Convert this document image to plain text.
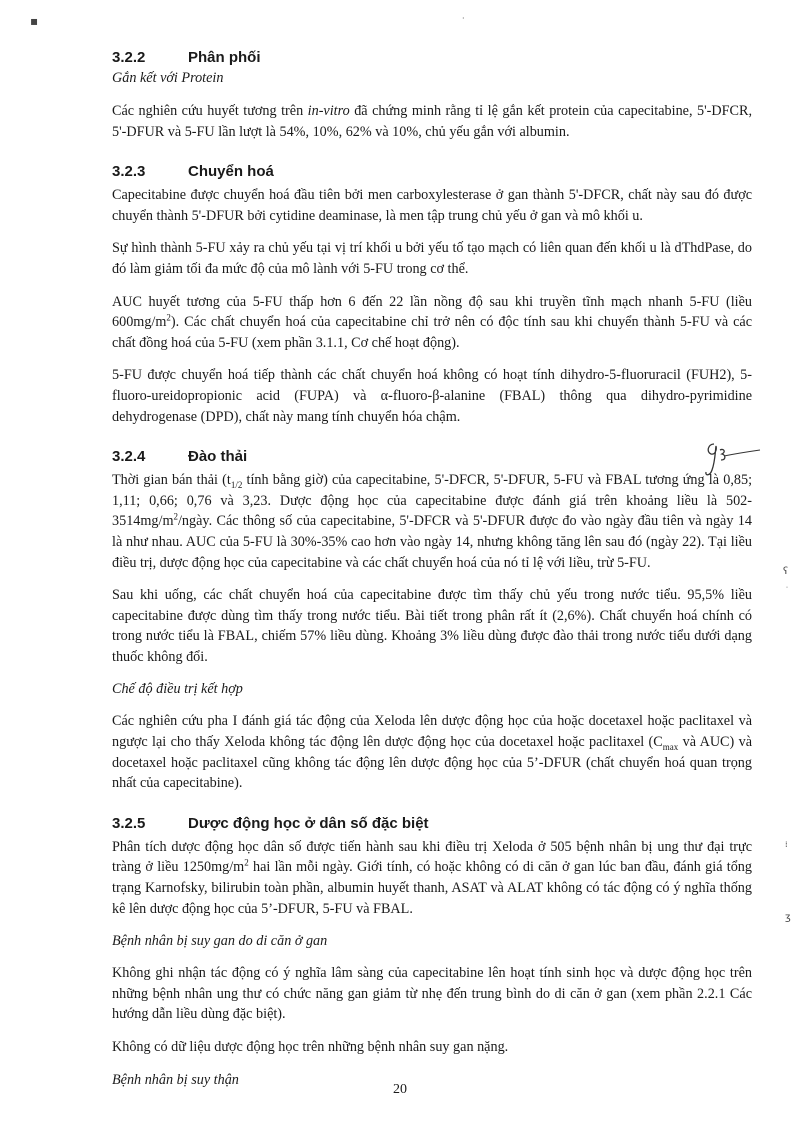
▪	·
ʕ
˙
⁞
ʒ
3.2.2	Phân phối
Gắn kết với Protein
Các nghiên cứu huyết tương trên in-vitro đã chứng minh rằng tỉ lệ gắn kết protein của capecitabine, 5'-DFCR, 5'-DFUR và 5-FU lần lượt là 54%, 10%, 62% và 10%, chủ yếu gắn với albumin.
3.2.3	Chuyển hoá
Capecitabine được chuyển hoá đầu tiên bởi men carboxylesterase ở gan thành 5'-DFCR, chất này sau đó được chuyển thành 5'-DFUR bởi cytidine deaminase, là men tập trung chủ yếu ở gan và mô khối u.
Sự hình thành 5-FU xảy ra chủ yếu tại vị trí khối u bởi yếu tố tạo mạch có liên quan đến khối u là dThdPase, do đó làm giảm tối đa mức độ của mô lành với 5-FU trong cơ thể.
AUC huyết tương của 5-FU thấp hơn 6 đến 22 lần nồng độ sau khi truyền tĩnh mạch nhanh 5-FU (liều $600mg/m^2$). Các chất chuyển hoá của capecitabine chỉ trở nên có độc tính sau khi chuyển thành 5-FU và các chất đồng hoá của 5-FU (xem phần 3.1.1, Cơ chế hoạt động).
5-FU được chuyển hoá tiếp thành các chất chuyển hoá không có hoạt tính dihydro-5-fluoruracil (FUH2), 5-fluoro-ureidopropionic acid (FUPA) và α-fluoro-β-alanine (FBAL) thông qua dihydro-pyrimidine dehydrogenase (DPD), chất này mang tính chuyển hóa chậm.
3.2.4	Đào thải
Thời gian bán thải ($t_{1/2}$ tính bằng giờ) của capecitabine, 5'-DFCR, 5'-DFUR, 5-FU và FBAL tương ứng là 0,85; 1,11; 0,66; 0,76 và 3,23. Dược động học của capecitabine được đánh giá trên khoảng liều là $502-3514mg/m^2$/ngày. Các thông số của capecitabine, 5'-DFCR và 5'-DFUR được đo vào ngày đầu tiên và ngày 14 là như nhau. AUC của 5-FU là 30%-35% cao hơn vào ngày 14, nhưng không tăng lên sau đó (ngày 22). Tại liều điều trị, dược động học của capecitabine và các chất chuyển hoá của nó tỉ lệ với liều, trừ 5-FU.
Sau khi uống, các chất chuyển hoá của capecitabine được tìm thấy chủ yếu trong nước tiểu. 95,5% liều capecitabine được dùng tìm thấy trong nước tiểu. Bài tiết trong phân rất ít (2,6%). Chất chuyển hoá chính có trong nước tiểu là FBAL, chiếm 57% liều dùng. Khoảng 3% liều dùng được đào thải trong nước tiểu dưới dạng thuốc không đổi.
Chế độ điều trị kết hợp
Các nghiên cứu pha I đánh giá tác động của Xeloda lên dược động học của hoặc docetaxel hoặc paclitaxel và ngược lại cho thấy Xeloda không tác động lên dược động học của docetaxel hoặc paclitaxel ($C_{max}$ và AUC) và docetaxel hoặc paclitaxel cũng không tác động lên dược động học của 5’-DFUR (chất chuyển hoá quan trọng nhất của capecitabine).
3.2.5	Dược động học ở dân số đặc biệt
Phân tích dược động học dân số được tiến hành sau khi điều trị Xeloda ở 505 bệnh nhân bị ung thư đại trực tràng ở liều $1250mg/m^2$ hai lần mỗi ngày. Giới tính, có hoặc không có di căn ở gan lúc ban đầu, đánh giá tổng trạng Karnofsky, bilirubin toàn phần, albumin huyết thanh, ASAT và ALAT không có tác động có ý nghĩa thống kê lên dược động học của 5’-DFUR, 5-FU và FBAL.
Bệnh nhân bị suy gan do di căn ở gan
Không ghi nhận tác động có ý nghĩa lâm sàng của capecitabine lên hoạt tính sinh học và dược động học trên những bệnh nhân ung thư có chức năng gan giảm từ nhẹ đến trung bình do di căn ở gan (xem phần 2.2.1 Các hướng dẫn liều dùng đặc biệt).
Không có dữ liệu dược động học trên những bệnh nhân suy gan nặng.
Bệnh nhân bị suy thận
20
